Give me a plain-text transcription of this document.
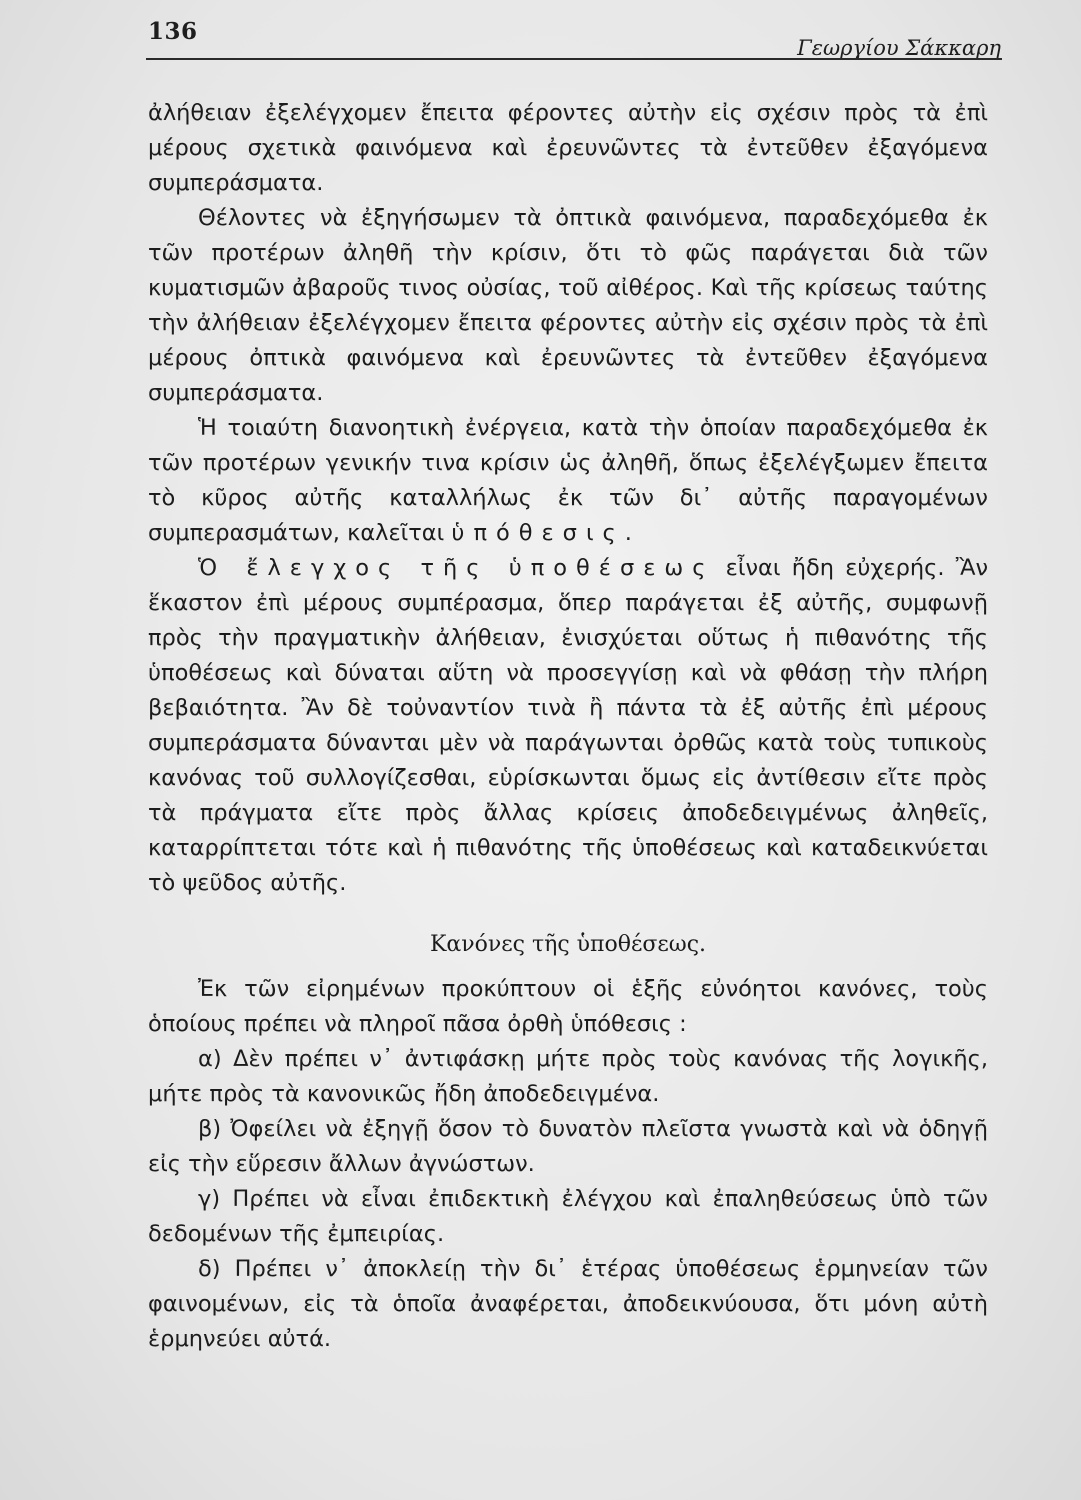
136
Γεωργίου Σάκκαρη

ἀλήθειαν ἐξελέγχομεν ἔπειτα φέροντες αὐτὴν εἰς σχέσιν πρὸς τὰ ἐπὶ μέρους σχετικὰ φαινόμενα καὶ ἐρευνῶντες τὰ ἐντεῦθεν ἐξαγόμενα συμπεράσματα.

Θέλοντες νὰ ἐξηγήσωμεν τὰ ὀπτικὰ φαινόμενα, παραδεχόμεθα ἐκ τῶν προτέρων ἀληθῆ τὴν κρίσιν, ὅτι τὸ φῶς παράγεται διὰ τῶν κυματισμῶν ἀβαροῦς τινος οὐσίας, τοῦ αἰθέρος. Καὶ τῆς κρίσεως ταύτης τὴν ἀλήθειαν ἐξελέγχομεν ἔπειτα φέροντες αὐτὴν εἰς σχέσιν πρὸς τὰ ἐπὶ μέρους ὀπτικὰ φαινόμενα καὶ ἐρευνῶντες τὰ ἐντεῦθεν ἐξαγόμενα συμπεράσματα.

Ἡ τοιαύτη διανοητικὴ ἐνέργεια, κατὰ τὴν ὁποίαν παραδεχόμεθα ἐκ τῶν προτέρων γενικήν τινα κρίσιν ὡς ἀληθῆ, ὅπως ἐξελέγξωμεν ἔπειτα τὸ κῦρος αὐτῆς καταλλήλως ἐκ τῶν δι᾽ αὐτῆς παραγομένων συμπερασμάτων, καλεῖται ὑπόθεσις.

Ὁ ἔλεγχος τῆς ὑποθέσεως εἶναι ἤδη εὐχερής. Ἂν ἕκαστον ἐπὶ μέρους συμπέρασμα, ὅπερ παράγεται ἐξ αὐτῆς, συμφωνῇ πρὸς τὴν πραγματικὴν ἀλήθειαν, ἐνισχύεται οὕτως ἡ πιθανότης τῆς ὑποθέσεως καὶ δύναται αὕτη νὰ προσεγγίσῃ καὶ νὰ φθάσῃ τὴν πλήρη βεβαιότητα. Ἂν δὲ τοὐναντίον τινὰ ἢ πάντα τὰ ἐξ αὐτῆς ἐπὶ μέρους συμπεράσματα δύνανται μὲν νὰ παράγωνται ὀρθῶς κατὰ τοὺς τυπικοὺς κανόνας τοῦ συλλογίζεσθαι, εὑρίσκωνται ὅμως εἰς ἀντίθεσιν εἴτε πρὸς τὰ πράγματα εἴτε πρὸς ἄλλας κρίσεις ἀποδεδειγμένως ἀληθεῖς, καταρρίπτεται τότε καὶ ἡ πιθανότης τῆς ὑποθέσεως καὶ καταδεικνύεται τὸ ψεῦδος αὐτῆς.

Κανόνες τῆς ὑποθέσεως.

Ἐκ τῶν εἰρημένων προκύπτουν οἱ ἑξῆς εὐνόητοι κανόνες, τοὺς ὁποίους πρέπει νὰ πληροῖ πᾶσα ὀρθὴ ὑπόθεσις :

α) Δὲν πρέπει ν᾽ ἀντιφάσκῃ μήτε πρὸς τοὺς κανόνας τῆς λογικῆς, μήτε πρὸς τὰ κανονικῶς ἤδη ἀποδεδειγμένα.

β) Ὀφείλει νὰ ἐξηγῇ ὅσον τὸ δυνατὸν πλεῖστα γνωστὰ καὶ νὰ ὁδηγῇ εἰς τὴν εὕρεσιν ἄλλων ἀγνώστων.

γ) Πρέπει νὰ εἶναι ἐπιδεκτικὴ ἐλέγχου καὶ ἐπαληθεύσεως ὑπὸ τῶν δεδομένων τῆς ἐμπειρίας.

δ) Πρέπει ν᾽ ἀποκλείῃ τὴν δι᾽ ἑτέρας ὑποθέσεως ἑρμηνείαν τῶν φαινομένων, εἰς τὰ ὁποῖα ἀναφέρεται, ἀποδεικνύουσα, ὅτι μόνη αὐτὴ ἑρμηνεύει αὐτά.
